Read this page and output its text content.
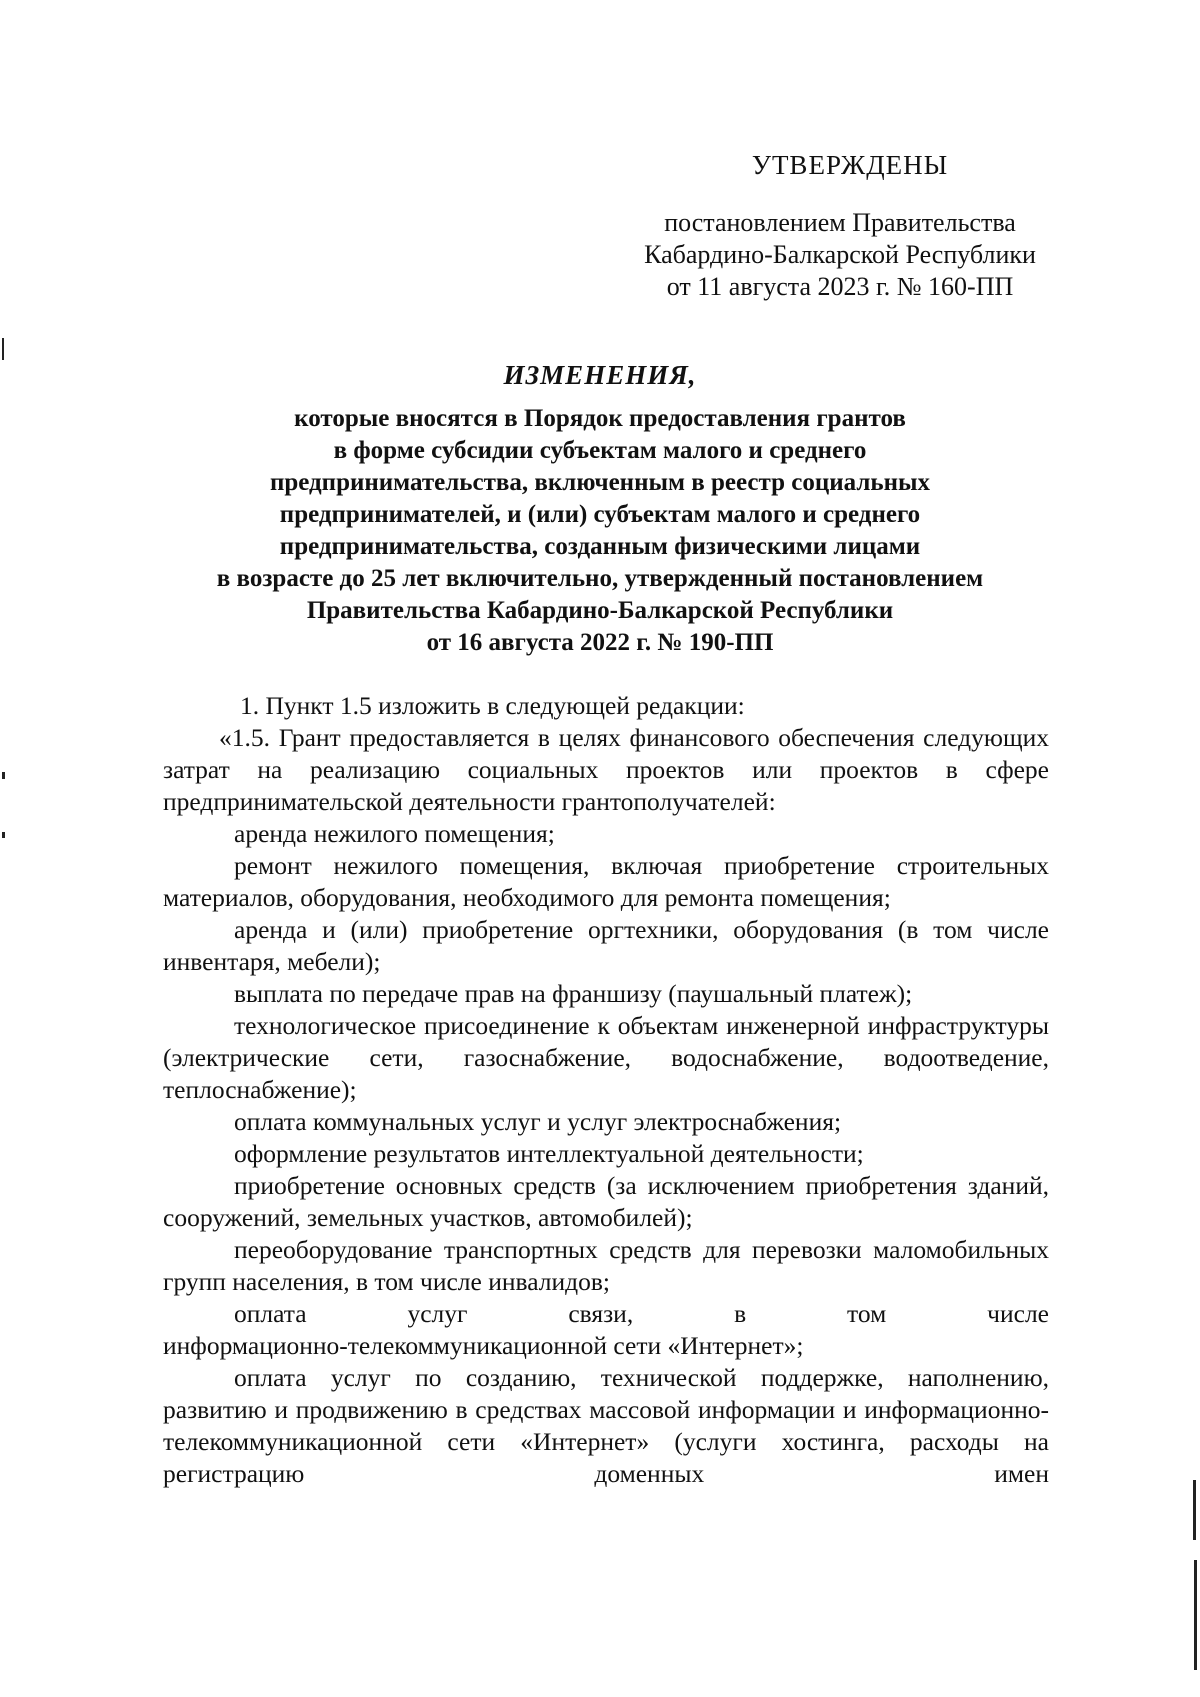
УТВЕРЖДЕНЫ
постановлением Правительства
Кабардино-Балкарской Республики
от 11 августа 2023 г. № 160-ПП
ИЗМЕНЕНИЯ,
которые вносятся в Порядок предоставления грантов
в форме субсидии субъектам малого и среднего
предпринимательства, включенным в реестр социальных
предпринимателей, и (или) субъектам малого и среднего
предпринимательства, созданным физическими лицами
в возрасте до 25 лет включительно, утвержденный постановлением
Правительства Кабардино-Балкарской Республики
от 16 августа 2022 г. № 190-ПП
1. Пункт 1.5 изложить в следующей редакции:
«1.5. Грант предоставляется в целях финансового обеспечения следующих затрат на реализацию социальных проектов или проектов в сфере предпринимательской деятельности грантополучателей:
аренда нежилого помещения;
ремонт нежилого помещения, включая приобретение строительных материалов, оборудования, необходимого для ремонта помещения;
аренда и (или) приобретение оргтехники, оборудования (в том числе инвентаря, мебели);
выплата по передаче прав на франшизу (паушальный платеж);
технологическое присоединение к объектам инженерной инфраструктуры (электрические сети, газоснабжение, водоснабжение, водоотведение, теплоснабжение);
оплата коммунальных услуг и услуг электроснабжения;
оформление результатов интеллектуальной деятельности;
приобретение основных средств (за исключением приобретения зданий, сооружений, земельных участков, автомобилей);
переоборудование транспортных средств для перевозки маломобильных групп населения, в том числе инвалидов;
оплата	услуг	связи,	в	том	числе
информационно-телекоммуникационной сети «Интернет»;
оплата услуг по созданию, технической поддержке, наполнению, развитию и продвижению в средствах массовой информации и информационно-телекоммуникационной сети «Интернет» (услуги хостинга, расходы на регистрацию доменных имен
